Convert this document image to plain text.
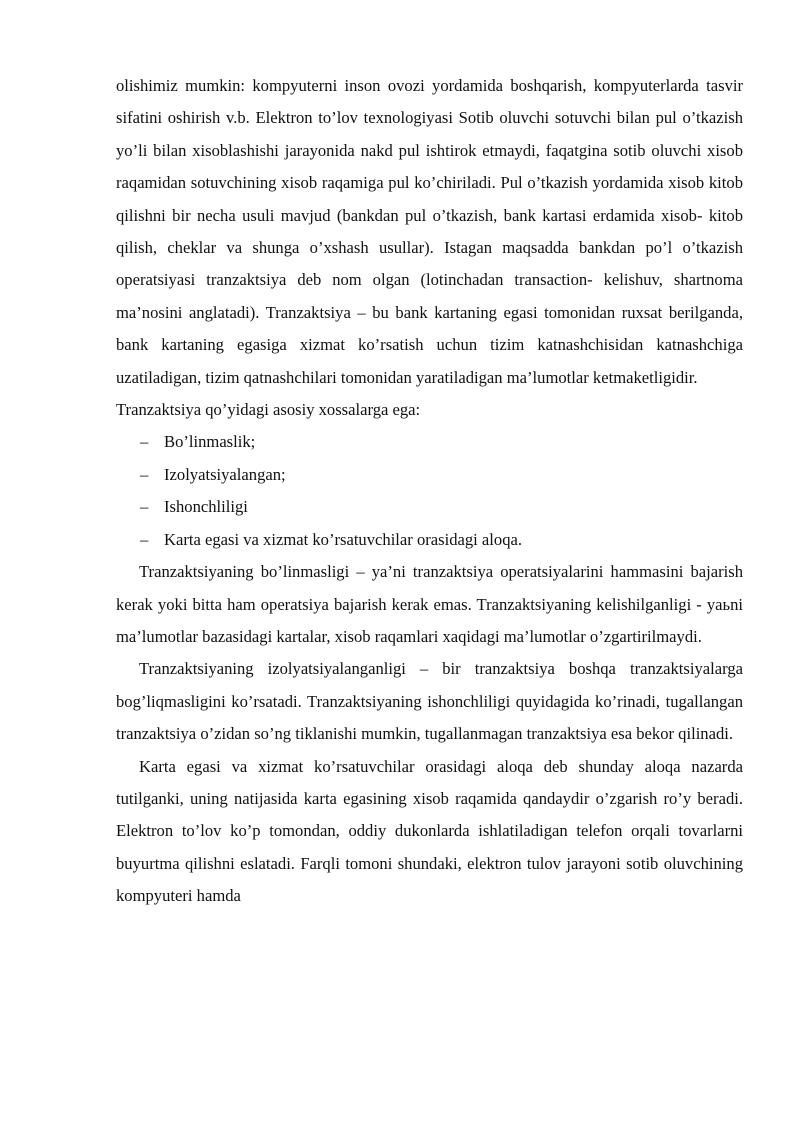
olishimiz mumkin: kompyuterni inson ovozi yordamida boshqarish, kompyuterlarda tasvir sifatini oshirish v.b. Elektron to’lov texnologiyasi Sotib oluvchi sotuvchi bilan pul o’tkazish yo’li bilan xisoblashishi jarayonida nakd pul ishtirok etmaydi, faqatgina sotib oluvchi xisob raqamidan sotuvchining xisob raqamiga pul ko’chiriladi. Pul o’tkazish yordamida xisob kitob qilishni bir necha usuli mavjud (bankdan pul o’tkazish, bank kartasi erdamida xisob- kitob qilish, cheklar va shunga o’xshash usullar). Istagan maqsadda bankdan po’l o’tkazish operatsiyasi tranzaktsiya deb nom olgan (lotinchadan transaction- kelishuv, shartnoma ma’nosini anglatadi). Tranzaktsiya – bu bank kartaning egasi tomonidan ruxsat berilganda, bank kartaning egasiga xizmat ko’rsatish uchun tizim katnashchisidan katnashchiga uzatiladigan, tizim qatnashchilari tomonidan yaratiladigan ma’lumotlar ketmaketligidir.

Tranzaktsiya qo’yidagi asosiy xossalarga ega:

– Bo’linmaslik;
– Izolyatsiyalangan;
– Ishonchliligi
– Karta egasi va xizmat ko’rsatuvchilar orasidagi aloqa.

Tranzaktsiyaning bo’linmasligi – ya’ni tranzaktsiya operatsiyalarini hammasini bajarish kerak yoki bitta ham operatsiya bajarish kerak emas. Tranzaktsiyaning kelishilganligi - yaьni ma’lumotlar bazasidagi kartalar, xisob raqamlari xaqidagi ma’lumotlar o’zgartirilmaydi.

Tranzaktsiyaning izolyatsiyalanganligi – bir tranzaktsiya boshqa tranzaktsiyalarga bog’liqmasligini ko’rsatadi. Tranzaktsiyaning ishonchliligi quyidagida ko’rinadi, tugallangan tranzaktsiya o’zidan so’ng tiklanishi mumkin, tugallanmagan tranzaktsiya esa bekor qilinadi.

Karta egasi va xizmat ko’rsatuvchilar orasidagi aloqa deb shunday aloqa nazarda tutilganki, uning natijasida karta egasining xisob raqamida qandaydir o’zgarish ro’y beradi. Elektron to’lov ko’p tomondan, oddiy dukonlarda ishlatiladigan telefon orqali tovarlarni buyurtma qilishni eslatadi. Farqli tomoni shundaki, elektron tulov jarayoni sotib oluvchining kompyuteri hamda
